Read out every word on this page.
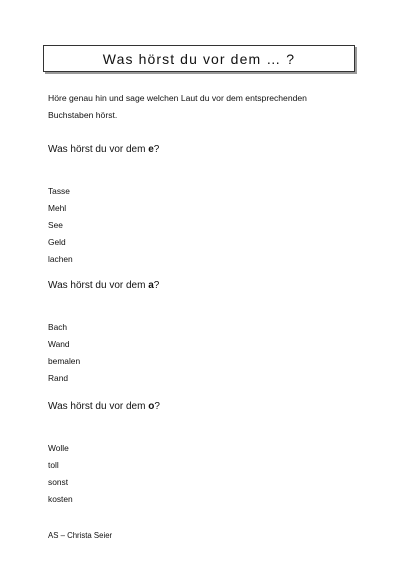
Was hörst du vor dem … ?
Höre genau hin und sage welchen Laut du vor dem entsprechenden
Buchstaben hörst.
Was hörst du vor dem e?
Tasse
Mehl
See
Geld
lachen
Was hörst du vor dem a?
Bach
Wand
bemalen
Rand
Was hörst du vor dem o?
Wolle
toll
sonst
kosten
AS – Christa Seier
